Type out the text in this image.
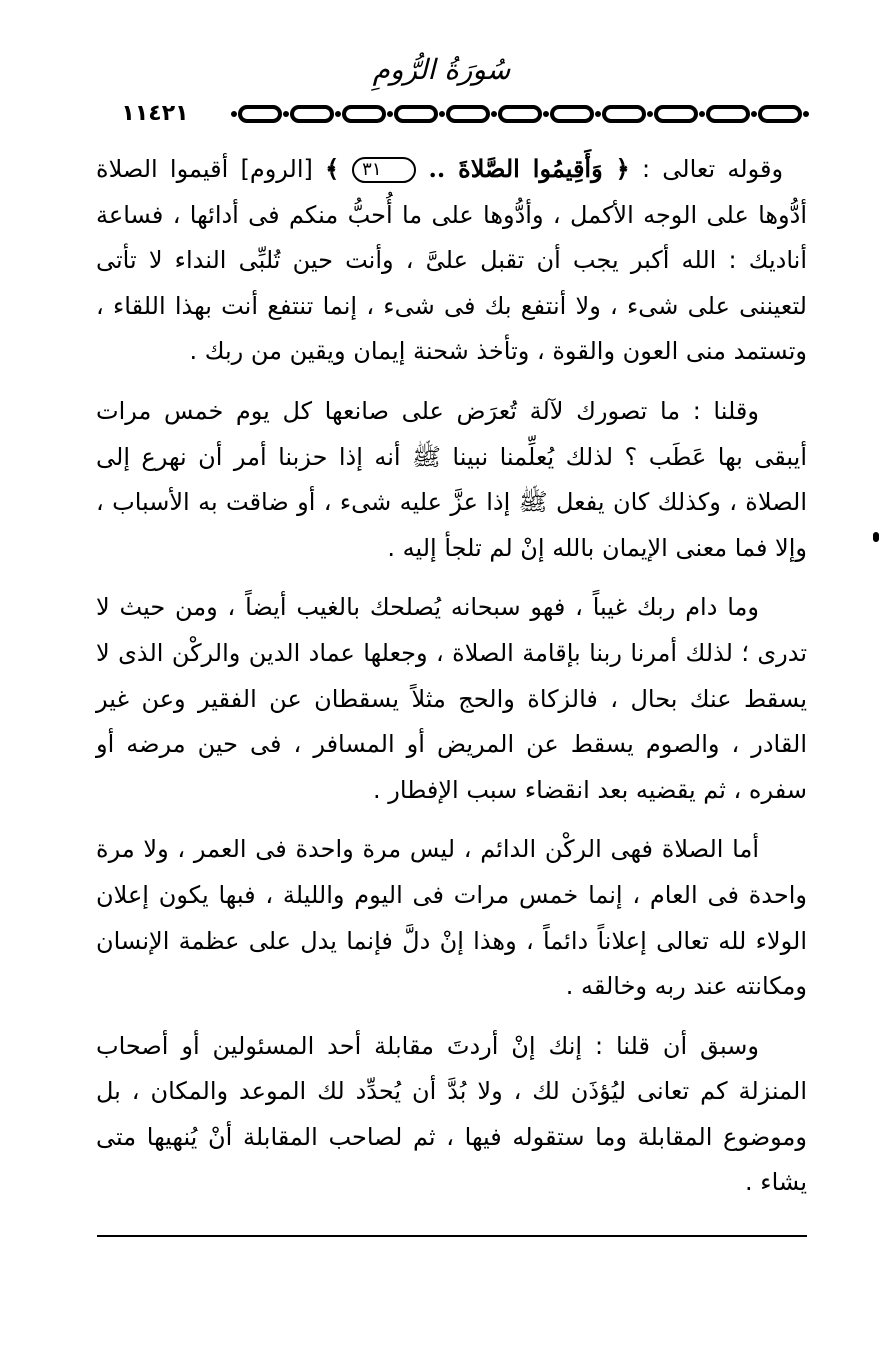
سُورَةُ الرُّومِ
١١٤٢١

وقوله تعالى : ﴿ وَأَقِيمُوا الصَّلاةَ .. ٣١ ﴾ [الروم] أقيموا الصلاة أدُّوها على الوجه الأكمل ، وأدُّوها على ما أُحبُّ منكم فى أدائها ، فساعة أناديك : الله أكبر يجب أن تقبل علىَّ ، وأنت حين تُلبِّى النداء لا تأتى لتعيننى على شىء ، ولا أنتفع بك فى شىء ، إنما تنتفع أنت بهذا اللقاء ، وتستمد منى العون والقوة ، وتأخذ شحنة إيمان ويقين من ربك .

وقلنا : ما تصورك لآلة تُعرَض على صانعها كل يوم خمس مرات أيبقى بها عَطَب ؟ لذلك يُعلِّمنا نبينا ﷺ أنه إذا حزبنا أمر أن نهرع إلى الصلاة ، وكذلك كان يفعل ﷺ إذا عزَّ عليه شىء ، أو ضاقت به الأسباب ، وإلا فما معنى الإيمان بالله إنْ لم تلجأ إليه .

وما دام ربك غيباً ، فهو سبحانه يُصلحك بالغيب أيضاً ، ومن حيث لا تدرى ؛ لذلك أمرنا ربنا بإقامة الصلاة ، وجعلها عماد الدين والركْن الذى لا يسقط عنك بحال ، فالزكاة والحج مثلاً يسقطان عن الفقير وعن غير القادر ، والصوم يسقط عن المريض أو المسافر ، فى حين مرضه أو سفره ، ثم يقضيه بعد انقضاء سبب الإفطار .

أما الصلاة فهى الركْن الدائم ، ليس مرة واحدة فى العمر ، ولا مرة واحدة فى العام ، إنما خمس مرات فى اليوم والليلة ، فبها يكون إعلان الولاء لله تعالى إعلاناً دائماً ، وهذا إنْ دلَّ فإنما يدل على عظمة الإنسان ومكانته عند ربه وخالقه .

وسبق أن قلنا : إنك إنْ أردتَ مقابلة أحد المسئولين أو أصحاب المنزلة كم تعانى ليُؤذَن لك ، ولا بُدَّ أن يُحدِّد لك الموعد والمكان ، بل وموضوع المقابلة وما ستقوله فيها ، ثم لصاحب المقابلة أنْ يُنهيها متى يشاء .
